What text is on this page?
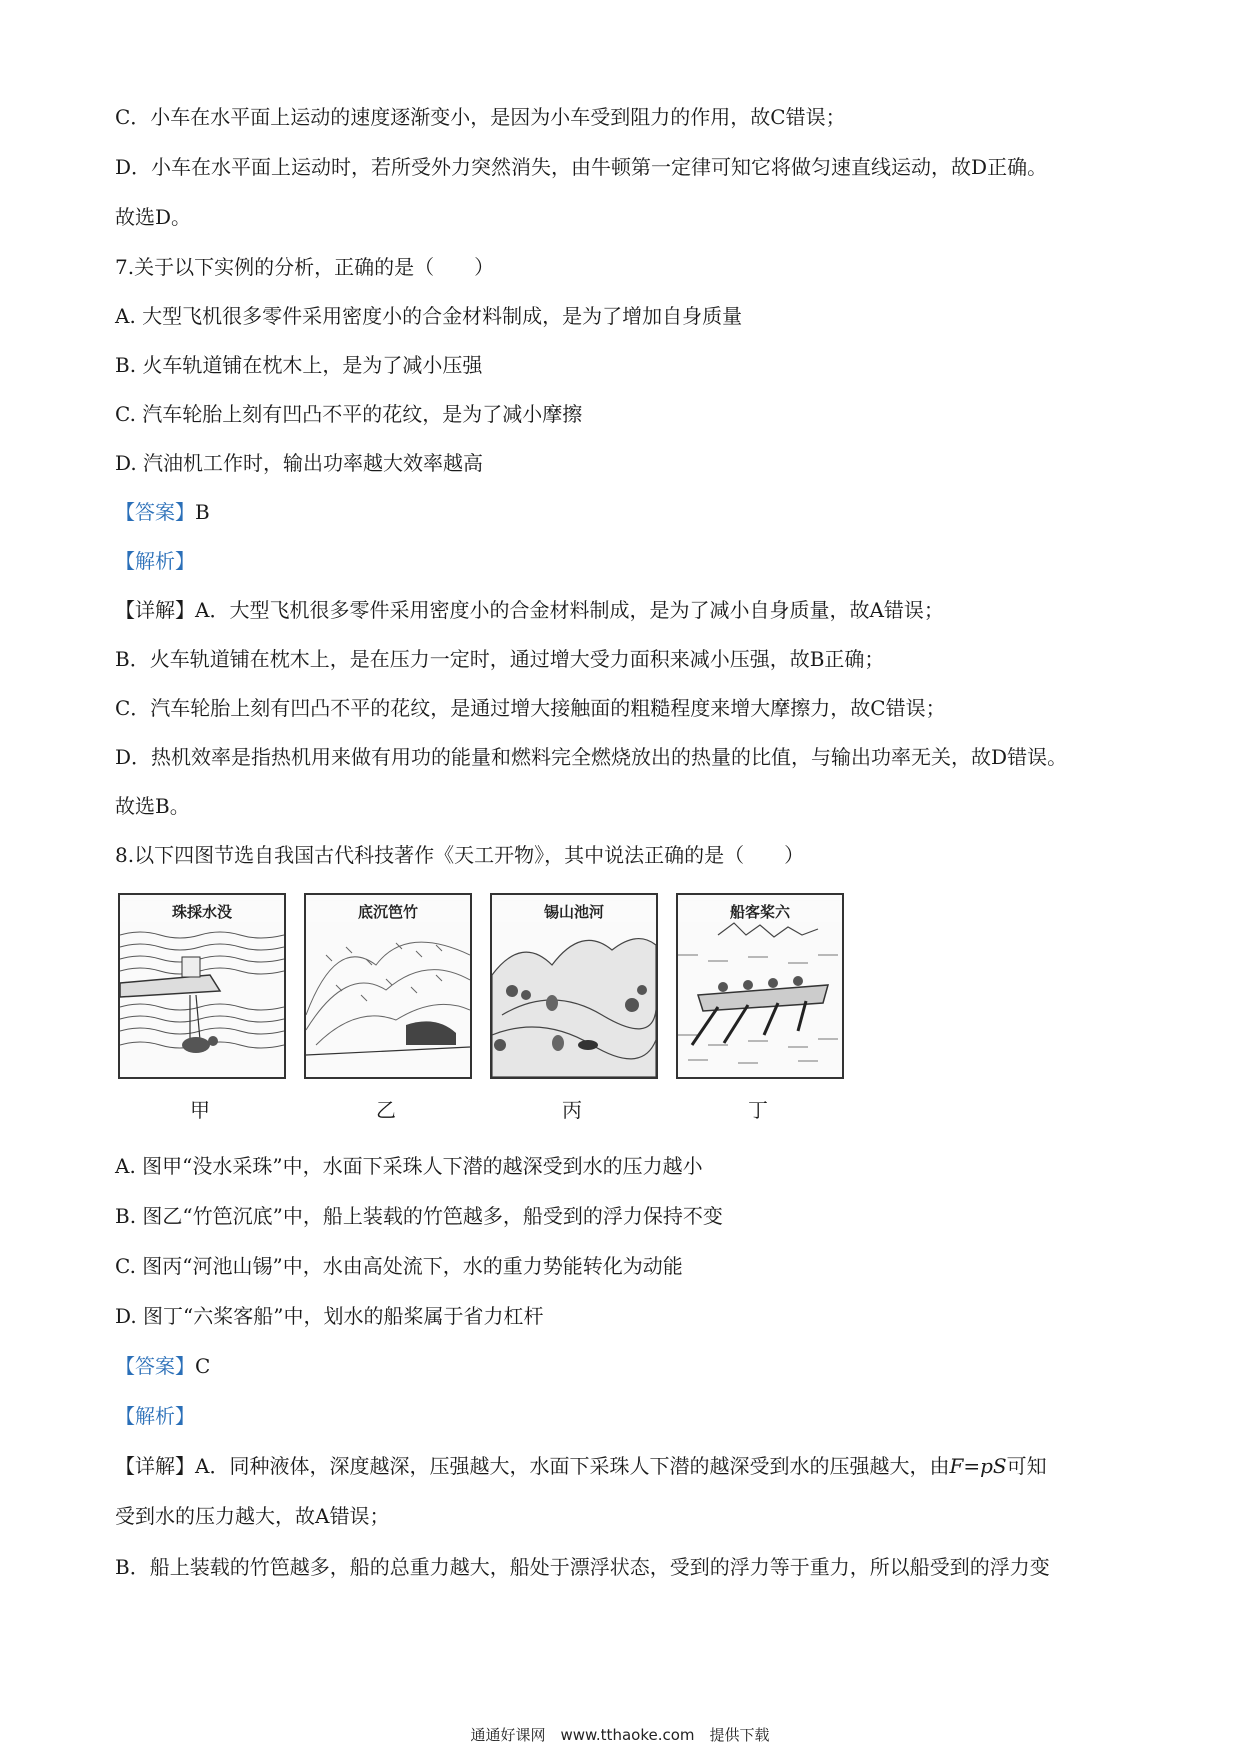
C．小车在水平面上运动的速度逐渐变小，是因为小车受到阻力的作用，故C错误；
D．小车在水平面上运动时，若所受外力突然消失，由牛顿第一定律可知它将做匀速直线运动，故D正确。
故选D。
7.关于以下实例的分析，正确的是（　　）
A. 大型飞机很多零件采用密度小的合金材料制成，是为了增加自身质量
B. 火车轨道铺在枕木上，是为了减小压强
C. 汽车轮胎上刻有凹凸不平的花纹，是为了减小摩擦
D. 汽油机工作时，输出功率越大效率越高
【答案】B
【解析】
【详解】A．大型飞机很多零件采用密度小的合金材料制成，是为了减小自身质量，故A错误；
B．火车轨道铺在枕木上，是在压力一定时，通过增大受力面积来减小压强，故B正确；
C．汽车轮胎上刻有凹凸不平的花纹，是通过增大接触面的粗糙程度来增大摩擦力，故C错误；
D．热机效率是指热机用来做有用功的能量和燃料完全燃烧放出的热量的比值，与输出功率无关，故D错误。
故选B。
8.以下四图节选自我国古代科技著作《天工开物》，其中说法正确的是（　　）
珠採水没	底沉笆竹	锡山池河	船客桨六
甲	乙	丙	丁
A. 图甲“没水采珠”中，水面下采珠人下潜的越深受到水的压力越小
B. 图乙“竹笆沉底”中，船上装载的竹笆越多，船受到的浮力保持不变
C. 图丙“河池山锡”中，水由高处流下，水的重力势能转化为动能
D. 图丁“六桨客船”中，划水的船桨属于省力杠杆
【答案】C
【解析】
【详解】A．同种液体，深度越深，压强越大，水面下采珠人下潜的越深受到水的压强越大，由F=pS可知
受到水的压力越大，故A错误；
B．船上装载的竹笆越多，船的总重力越大，船处于漂浮状态，受到的浮力等于重力，所以船受到的浮力变
通通好课网　www.tthaoke.com　提供下载
